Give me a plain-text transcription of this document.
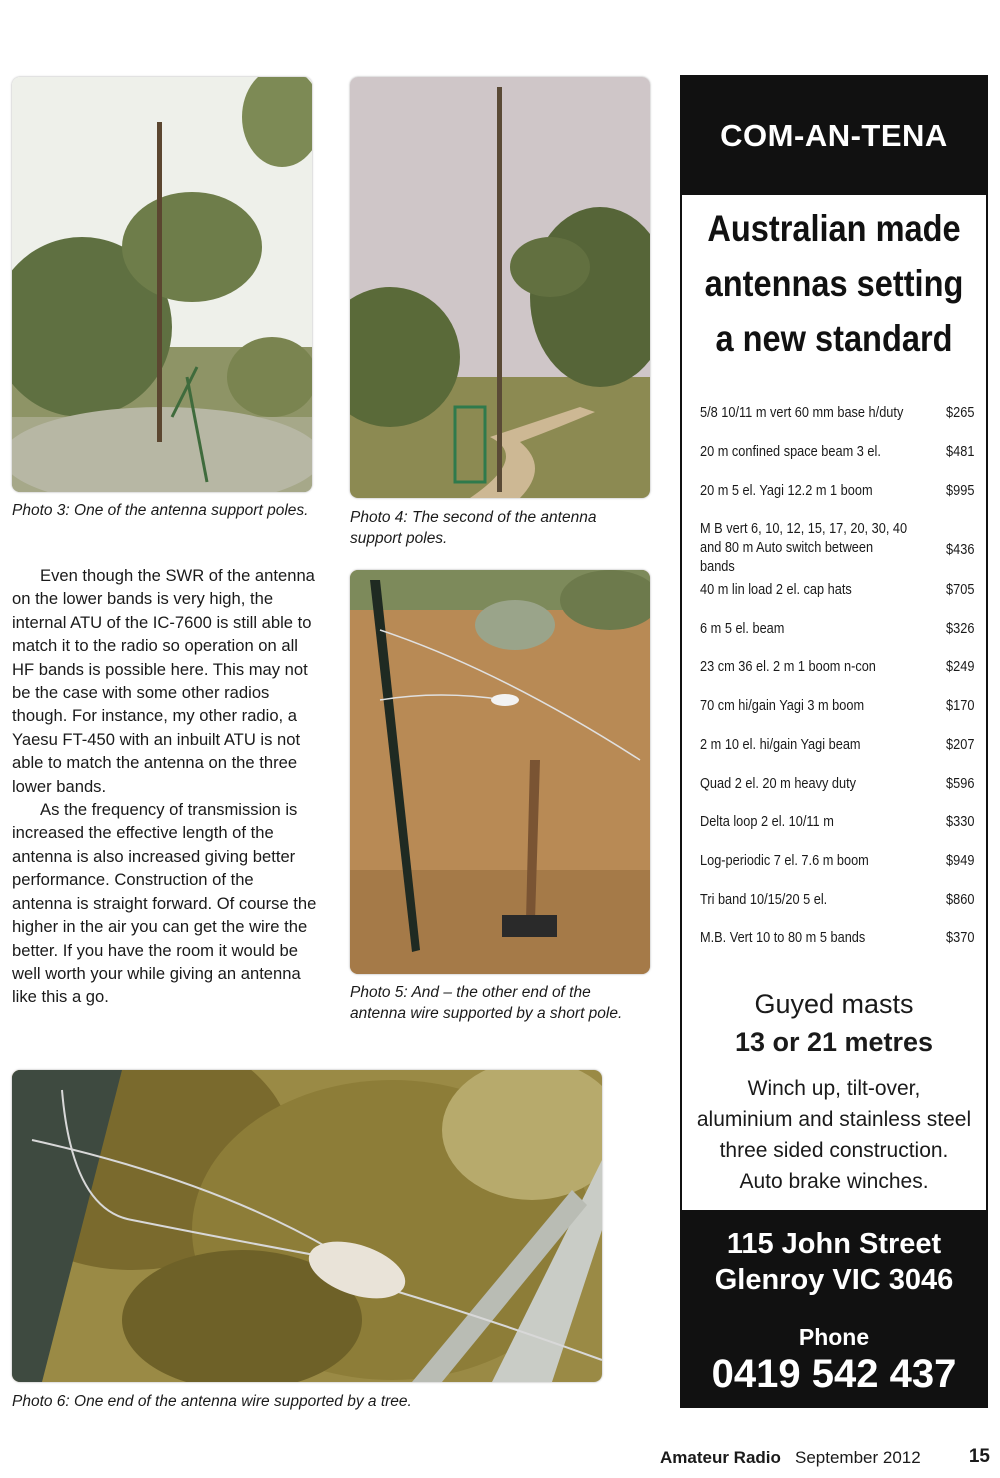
Photo 3: One of the antenna support poles.	Photo 4: The second of the antenna support poles.

Even though the SWR of the antenna on the lower bands is very high, the internal ATU of the IC-7600 is still able to match it to the radio so operation on all HF bands is possible here. This may not be the case with some other radios though. For instance, my other radio, a Yaesu FT-450 with an inbuilt ATU is not able to match the antenna on the three lower bands.

As the frequency of transmission is increased the effective length of the antenna is also increased giving better performance. Construction of the antenna is straight forward. Of course the higher in the air you can get the wire the better. If you have the room it would be well worth your while giving an antenna like this a go.	Photo 5: And – the other end of the antenna wire supported by a short pole.
Photo 6: One end of the antenna wire supported by a tree.
COM-AN-TENA
Australian made
antennas setting
a new standard
5/8 10/11 m vert 60 mm base h/duty	$265
20 m confined space beam 3 el.	$481
20 m 5 el. Yagi 12.2 m 1 boom	$995
M B vert 6, 10, 12, 15, 17, 20, 30, 40 and 80 m Auto switch between bands
$436
40 m lin load 2 el. cap hats	$705
6 m 5 el. beam	$326
23 cm 36 el. 2 m 1 boom n-con	$249
70 cm hi/gain Yagi 3 m boom	$170
2 m 10 el. hi/gain Yagi beam	$207
Quad 2 el. 20 m heavy duty	$596
Delta loop 2 el. 10/11 m	$330
Log-periodic 7 el. 7.6 m boom	$949
Tri band 10/15/20 5 el.	$860
M.B. Vert 10 to 80 m 5 bands	$370
Guyed masts
13 or 21 metres
Winch up, tilt-over,
aluminium and stainless steel
three sided construction.
Auto brake winches.
115 John Street
Glenroy VIC 3046
Phone
0419 542 437
Amateur Radio September 2012	15
